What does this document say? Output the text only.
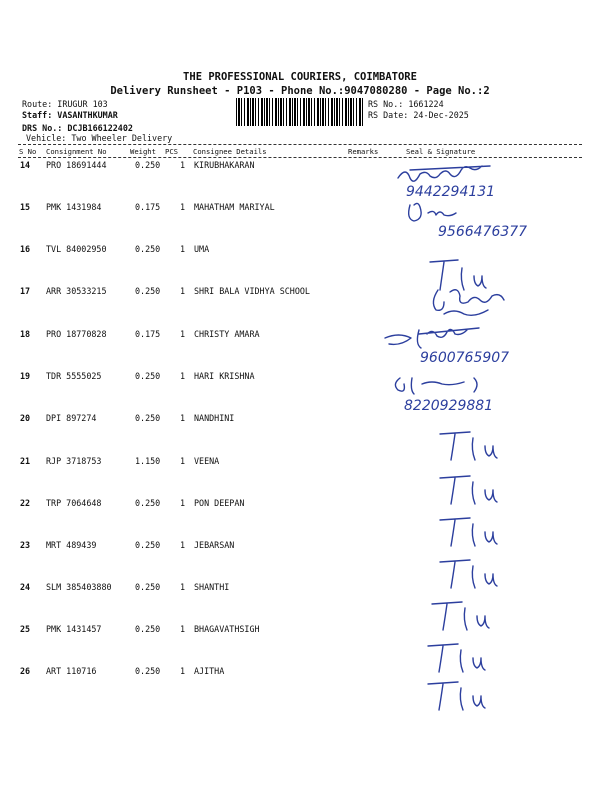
THE PROFESSIONAL COURIERS, COIMBATORE
Delivery Runsheet - P103 - Phone No.:9047080280 - Page No.:2
Route: IRUGUR 103
Staff: VASANTHKUMAR
DRS No.: DCJB166122402
Vehicle: Two Wheeler Delivery
RS No.: 1661224
RS Date: 24-Dec-2025
S No Consignment No	Weight PCS Consignee Details	Remarks	Seal & Signature
14 PRO 18691444	0.250 1 KIRUBHAKARAN
15 PMK 1431984	0.175 1 MAHATHAM MARIYAL
16 TVL 84002950	0.250 1 UMA
17 ARR 30533215	0.250 1 SHRI BALA VIDHYA SCHOOL
18 PRO 18770828	0.175 1 CHRISTY AMARA
19 TDR 5555025	0.250 1 HARI KRISHNA
20 DPI 897274	0.250 1 NANDHINI
21 RJP 3718753	1.150 1 VEENA
22 TRP 7064648	0.250 1 PON DEEPAN
23 MRT 489439	0.250 1 JEBARSAN
24 SLM 385403880	0.250 1 SHANTHI
25 PMK 1431457	0.250 1 BHAGAVATHSIGH
26 ART 110716	0.250 1 AJITHA
9442294131
9566476377
9600765907
8220929881
